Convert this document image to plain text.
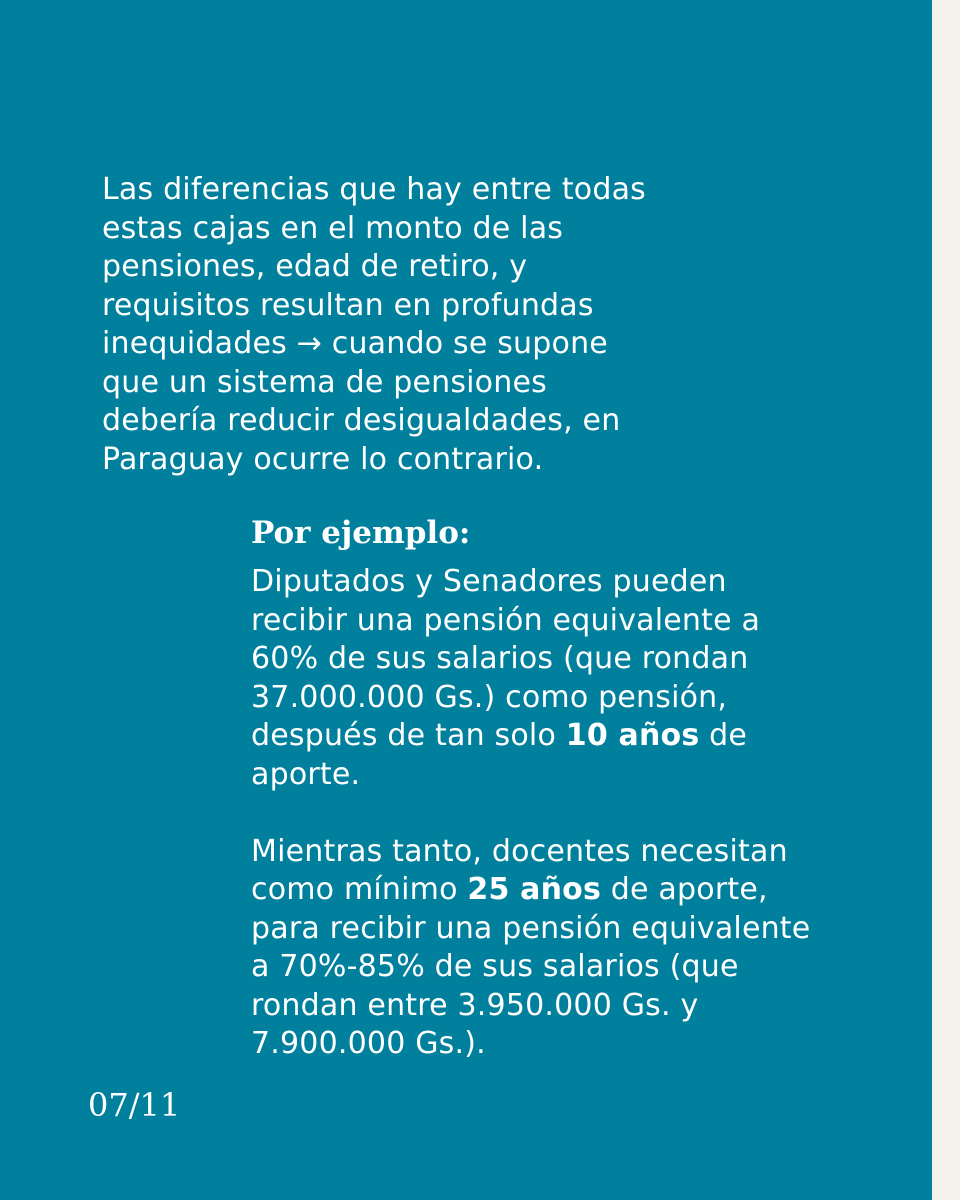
Las diferencias que hay entre todas
estas cajas en el monto de las
pensiones, edad de retiro, y
requisitos resultan en profundas
inequidades → cuando se supone
que un sistema de pensiones
debería reducir desigualdades, en
Paraguay ocurre lo contrario.

Por ejemplo:

Diputados y Senadores pueden
recibir una pensión equivalente a
60% de sus salarios (que rondan
37.000.000 Gs.) como pensión,
después de tan solo 10 años de
aporte.

Mientras tanto, docentes necesitan
como mínimo 25 años de aporte,
para recibir una pensión equivalente
a 70%-85% de sus salarios (que
rondan entre 3.950.000 Gs. y
7.900.000 Gs.).

07/11
